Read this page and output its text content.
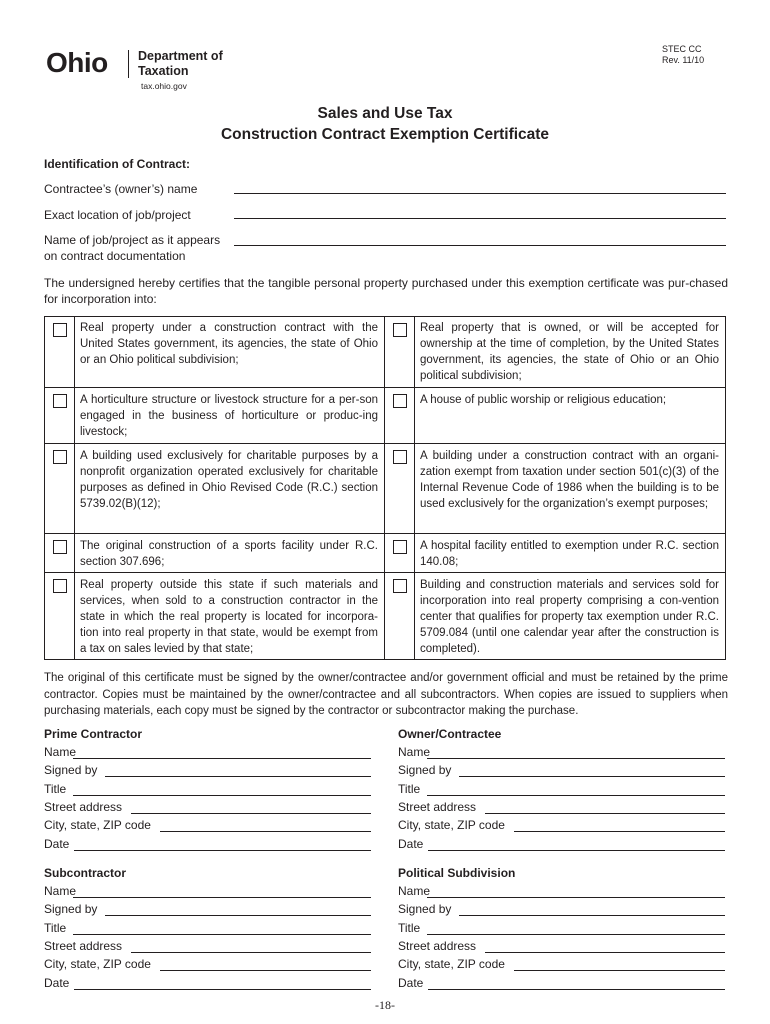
Ohio Department of Taxation
tax.ohio.gov
STEC CC
Rev. 11/10
Sales and Use Tax
Construction Contract Exemption Certificate
Identification of Contract:
Contractee’s (owner’s) name
Exact location of job/project
Name of job/project as it appears
on contract documentation
The undersigned hereby certifies that the tangible personal property purchased under this exemption certificate was pur-chased for incorporation into:
Real property under a construction contract with the United States government, its agencies, the state of Ohio or an Ohio political subdivision;
Real property that is owned, or will be accepted for ownership at the time of completion, by the United States government, its agencies, the state of Ohio or an Ohio political subdivision;
A horticulture structure or livestock structure for a per-son engaged in the business of horticulture or produc-ing livestock;
A house of public worship or religious education;
A building used exclusively for charitable purposes by a nonprofit organization operated exclusively for charitable purposes as defined in Ohio Revised Code (R.C.) section 5739.02(B)(12);
A building under a construction contract with an organi-zation exempt from taxation under section 501(c)(3) of the Internal Revenue Code of 1986 when the building is to be used exclusively for the organization’s exempt purposes;
The original construction of a sports facility under R.C. section 307.696;
A hospital facility entitled to exemption under R.C. section 140.08;
Real property outside this state if such materials and services, when sold to a construction contractor in the state in which the real property is located for incorpora-tion into real property in that state, would be exempt from a tax on sales levied by that state;
Building and construction materials and services sold for incorporation into real property comprising a con-vention center that qualifies for property tax exemption under R.C. 5709.084 (until one calendar year after the construction is completed).
The original of this certificate must be signed by the owner/contractee and/or government official and must be retained by the prime contractor. Copies must be maintained by the owner/contractee and all subcontractors. When copies are issued to suppliers when purchasing materials, each copy must be signed by the contractor or subcontractor making the purchase.
Prime Contractor	Owner/Contractee
Subcontractor	Political Subdivision
Name
Signed by
Title
Street address
City, state, ZIP code
Date
Name
Signed by
Title
Street address
City, state, ZIP code
Date
Name
Signed by
Title
Street address
City, state, ZIP code
Date
Name
Signed by
Title
Street address
City, state, ZIP code
Date
-18-
